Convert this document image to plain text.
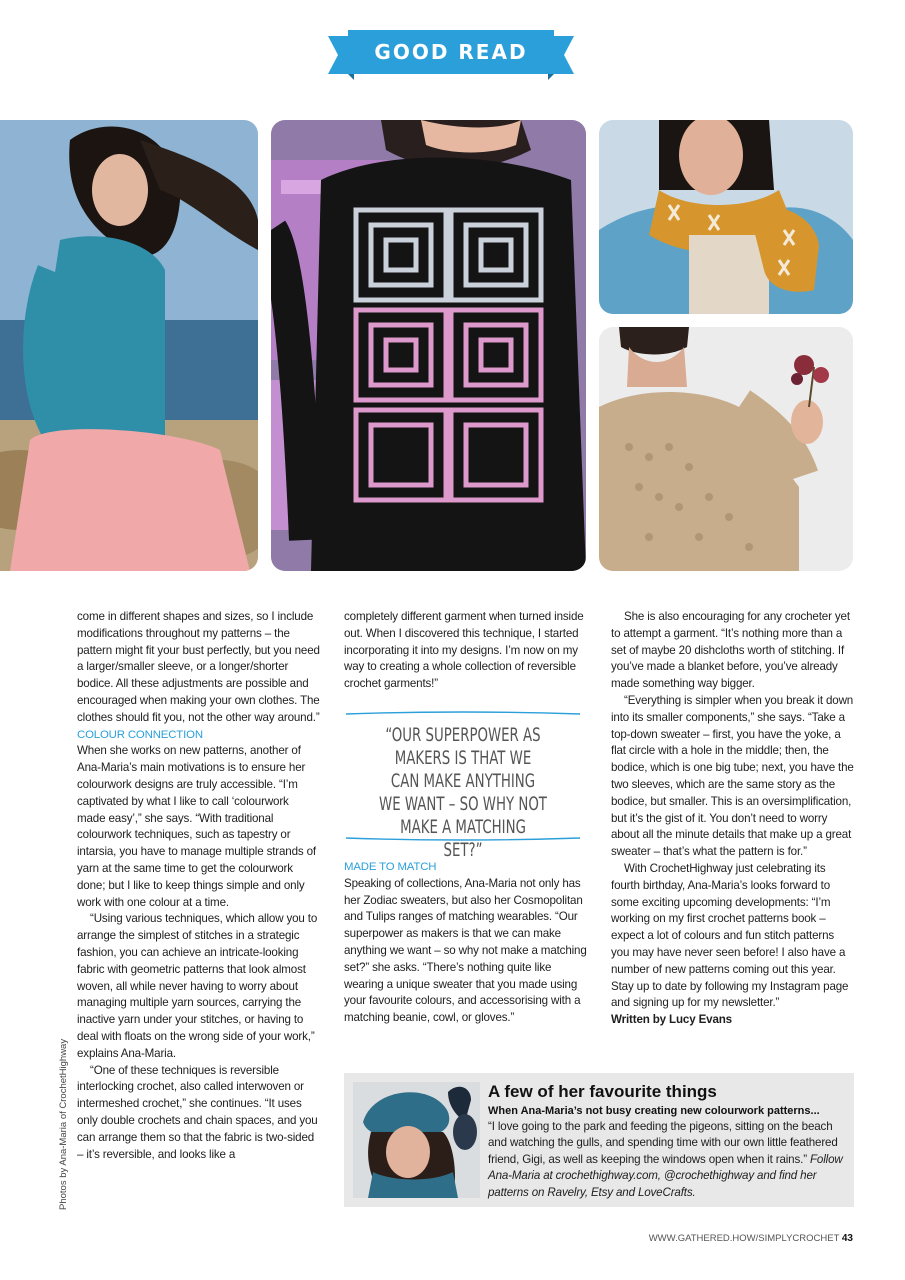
GOOD READ

come in different shapes and sizes, so I include modifications throughout my patterns – the pattern might fit your bust perfectly, but you need a larger/smaller sleeve, or a longer/shorter bodice. All these adjustments are possible and encouraged when making your own clothes. The clothes should fit you, not the other way around.”

COLOUR CONNECTION

When she works on new patterns, another of Ana-Maria’s main motivations is to ensure her colourwork designs are truly accessible. “I’m captivated by what I like to call ‘colourwork made easy’,” she says. “With traditional colourwork techniques, such as tapestry or intarsia, you have to manage multiple strands of yarn at the same time to get the colourwork done; but I like to keep things simple and only work with one colour at a time.

“Using various techniques, which allow you to arrange the simplest of stitches in a strategic fashion, you can achieve an intricate-looking fabric with geometric patterns that look almost woven, all while never having to worry about managing multiple yarn sources, carrying the inactive yarn under your stitches, or having to deal with floats on the wrong side of your work,” explains Ana-Maria.

“One of these techniques is reversible interlocking crochet, also called interwoven or intermeshed crochet,” she continues. “It uses only double crochets and chain spaces, and you can arrange them so that the fabric is two-sided – it’s reversible, and looks like a

completely different garment when turned inside out. When I discovered this technique, I started incorporating it into my designs. I’m now on my way to creating a whole collection of reversible crochet garments!”

“OUR SUPERPOWER AS MAKERS IS THAT WE CAN MAKE ANYTHING WE WANT – SO WHY NOT MAKE A MATCHING SET?”

MADE TO MATCH

Speaking of collections, Ana-Maria not only has her Zodiac sweaters, but also her Cosmopolitan and Tulips ranges of matching wearables. “Our superpower as makers is that we can make anything we want – so why not make a matching set?” she asks. “There’s nothing quite like wearing a unique sweater that you made using your favourite colours, and accessorising with a matching beanie, cowl, or gloves.”

She is also encouraging for any crocheter yet to attempt a garment. “It’s nothing more than a set of maybe 20 dishcloths worth of stitching. If you’ve made a blanket before, you’ve already made something way bigger.

“Everything is simpler when you break it down into its smaller components,” she says. “Take a top-down sweater – first, you have the yoke, a flat circle with a hole in the middle; then, the bodice, which is one big tube; next, you have the two sleeves, which are the same story as the bodice, but smaller. This is an oversimplification, but it’s the gist of it. You don’t need to worry about all the minute details that make up a great sweater – that’s what the pattern is for.”

With CrochetHighway just celebrating its fourth birthday, Ana-Maria’s looks forward to some exciting upcoming developments: “I’m working on my first crochet patterns book – expect a lot of colours and fun stitch patterns you may have never seen before! I also have a number of new patterns coming out this year. Stay up to date by following my Instagram page and signing up for my newsletter.”

Written by Lucy Evans

Photos by Ana-Maria of CrochetHighway	A few of her favourite things
When Ana-Maria’s not busy creating new colourwork patterns...
“I love going to the park and feeding the pigeons, sitting on the beach and watching the gulls, and spending time with our own little feathered friend, Gigi, as well as keeping the windows open when it rains.” Follow Ana-Maria at crochethighway.com, @crochethighway and find her patterns on Ravelry, Etsy and LoveCrafts.
WWW.GATHERED.HOW/SIMPLYCROCHET 43
